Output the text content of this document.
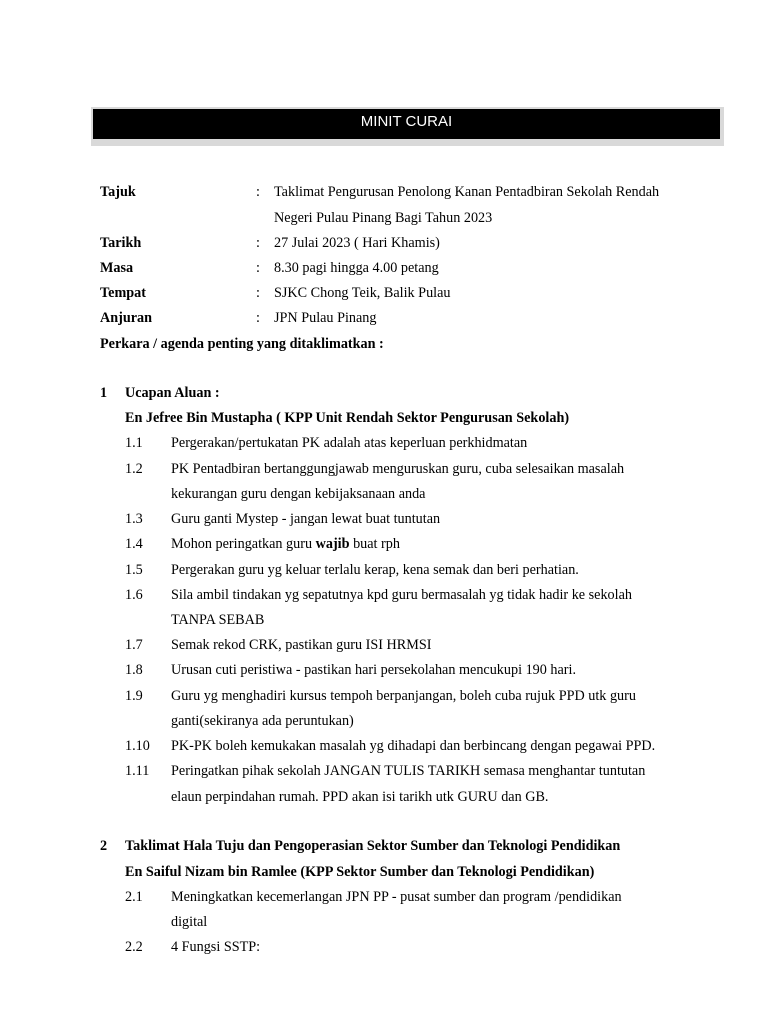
MINIT CURAI
Tajuk	: Taklimat Pengurusan Penolong Kanan Pentadbiran Sekolah Rendah
Negeri Pulau Pinang Bagi Tahun 2023
Tarikh	: 27 Julai 2023 ( Hari Khamis)
Masa	: 8.30 pagi hingga 4.00 petang
Tempat	: SJKC Chong Teik, Balik Pulau
Anjuran	: JPN Pulau Pinang
Perkara / agenda penting yang ditaklimatkan :
1 Ucapan Aluan :
En Jefree Bin Mustapha ( KPP Unit Rendah Sektor Pengurusan Sekolah)
1.1 Pergerakan/pertukatan PK adalah atas keperluan perkhidmatan
1.2 PK Pentadbiran bertanggungjawab menguruskan guru, cuba selesaikan masalah
kekurangan guru dengan kebijaksanaan anda
1.3 Guru ganti Mystep - jangan lewat buat tuntutan
1.4 Mohon peringatkan guru wajib buat rph
1.5 Pergerakan guru yg keluar terlalu kerap, kena semak dan beri perhatian.
1.6 Sila ambil tindakan yg sepatutnya kpd guru bermasalah yg tidak hadir ke sekolah
TANPA SEBAB
1.7 Semak rekod CRK, pastikan guru ISI HRMSI
1.8 Urusan cuti peristiwa - pastikan hari persekolahan mencukupi 190 hari.
1.9 Guru yg menghadiri kursus tempoh berpanjangan, boleh cuba rujuk PPD utk guru
ganti(sekiranya ada peruntukan)
1.10 PK-PK boleh kemukakan masalah yg dihadapi dan berbincang dengan pegawai PPD.
1.11 Peringatkan pihak sekolah JANGAN TULIS TARIKH semasa menghantar tuntutan
elaun perpindahan rumah. PPD akan isi tarikh utk GURU dan GB.
2 Taklimat Hala Tuju dan Pengoperasian Sektor Sumber dan Teknologi Pendidikan
En Saiful Nizam bin Ramlee (KPP Sektor Sumber dan Teknologi Pendidikan)
2.1 Meningkatkan kecemerlangan JPN PP - pusat sumber dan program /pendidikan
digital
2.2 4 Fungsi SSTP:
